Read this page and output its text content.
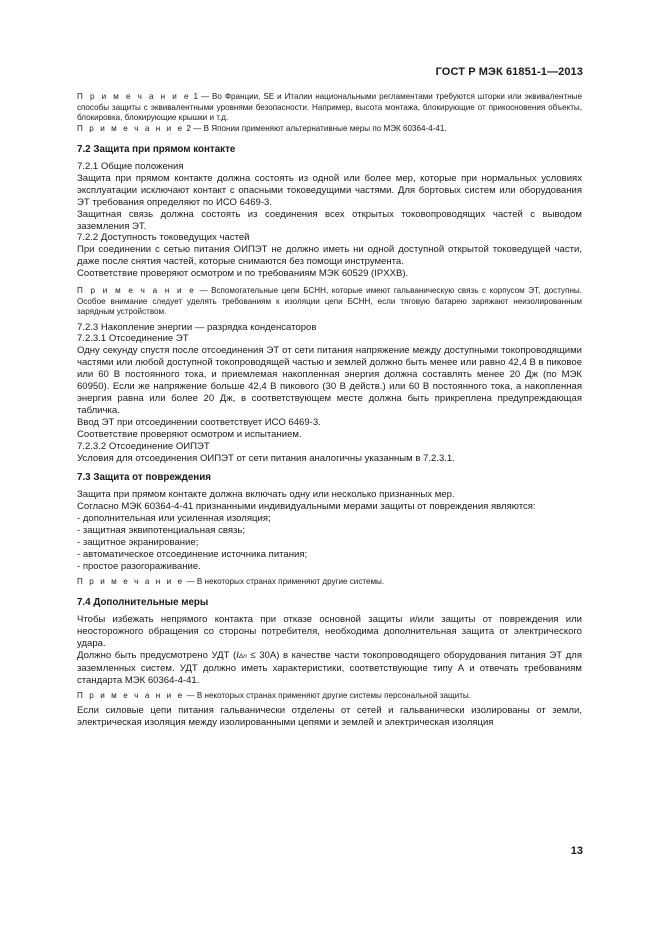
ГОСТ Р МЭК 61851-1—2013

П р и м е ч а н и е 1 — Во Франции, SE и Италии национальными регламентами требуются шторки или эквивалентные способы защиты с эквивалентными уровнями безопасности. Например, высота монтажа, блокирующие от прикосновения объекты, блокировка, блокирующие крышки и т.д.

П р и м е ч а н и е 2 — В Японии применяют альтернативные меры по МЭК 60364-4-41.

7.2 Защита при прямом контакте

7.2.1 Общие положения

Защита при прямом контакте должна состоять из одной или более мер, которые при нормальных условиях эксплуатации исключают контакт с опасными токоведущими частями. Для бортовых систем или оборудования ЭТ требования определяют по ИСО 6469-3.

Защитная связь должна состоять из соединения всех открытых токовопроводящих частей с выводом заземления ЭТ.

7.2.2 Доступность токоведущих частей

При соединении с сетью питания ОИПЭТ не должно иметь ни одной доступной открытой токоведущей части, даже после снятия частей, которые снимаются без помощи инструмента.

Соответствие проверяют осмотром и по требованиям МЭК 60529 (IPXXB).

П р и м е ч а н и е — Вспомогательные цепи БСНН, которые имеют гальваническую связь с корпусом ЭТ, доступны. Особое внимание следует уделять требованиям к изоляции цепи БСНН, если тяговую батарею заряжают неизолированным зарядным устройством.

7.2.3 Накопление энергии — разрядка конденсаторов

7.2.3.1 Отсоединение ЭТ

Одну секунду спустя после отсоединения ЭТ от сети питания напряжение между доступными токопроводящими частями или любой доступной токопроводящей частью и землей должно быть менее или равно 42,4 В в пиковое или 60 В постоянного тока, и приемлемая накопленная энергия должна составлять менее 20 Дж (по МЭК 60950). Если же напряжение больше 42,4 В пикового (30 В действ.) или 60 В постоянного тока, а накопленная энергия равна или более 20 Дж, в соответствующем месте должна быть прикреплена предупреждающая табличка.

Ввод ЭТ при отсоединении соответствует ИСО 6469-3.

Соответствие проверяют осмотром и испытанием.

7.2.3.2 Отсоединение ОИПЭТ

Условия для отсоединения ОИПЭТ от сети питания аналогичны указанным в 7.2.3.1.

7.3 Защита от повреждения

Защита при прямом контакте должна включать одну или несколько признанных мер.

Согласно МЭК 60364-4-41 признанными индивидуальными мерами защиты от повреждения являются:

- дополнительная или усиленная изоляция;

- защитная эквипотенциальная связь;

- защитное экранирование;

- автоматическое отсоединение источника питания;

- простое разогораживание.

П р и м е ч а н и е — В некоторых странах применяют другие системы.

7.4 Дополнительные меры

Чтобы избежать непрямого контакта при отказе основной защиты и/или защиты от повреждения или неосторожного обращения со стороны потребителя, необходима дополнительная защита от электрического удара.

Должно быть предусмотрено УДТ (IΔn ≤ 30А) в качестве части токопроводящего оборудования питания ЭТ для заземленных систем. УДТ должно иметь характеристики, соответствующие типу А и отвечать требованиям стандарта МЭК 60364-4-41.

П р и м е ч а н и е — В некоторых странах применяют другие системы персональной защиты.

Если силовые цепи питания гальванически отделены от сетей и гальванически изолированы от земли, электрическая изоляция между изолированными цепями и землей и электрическая изоляция

13
